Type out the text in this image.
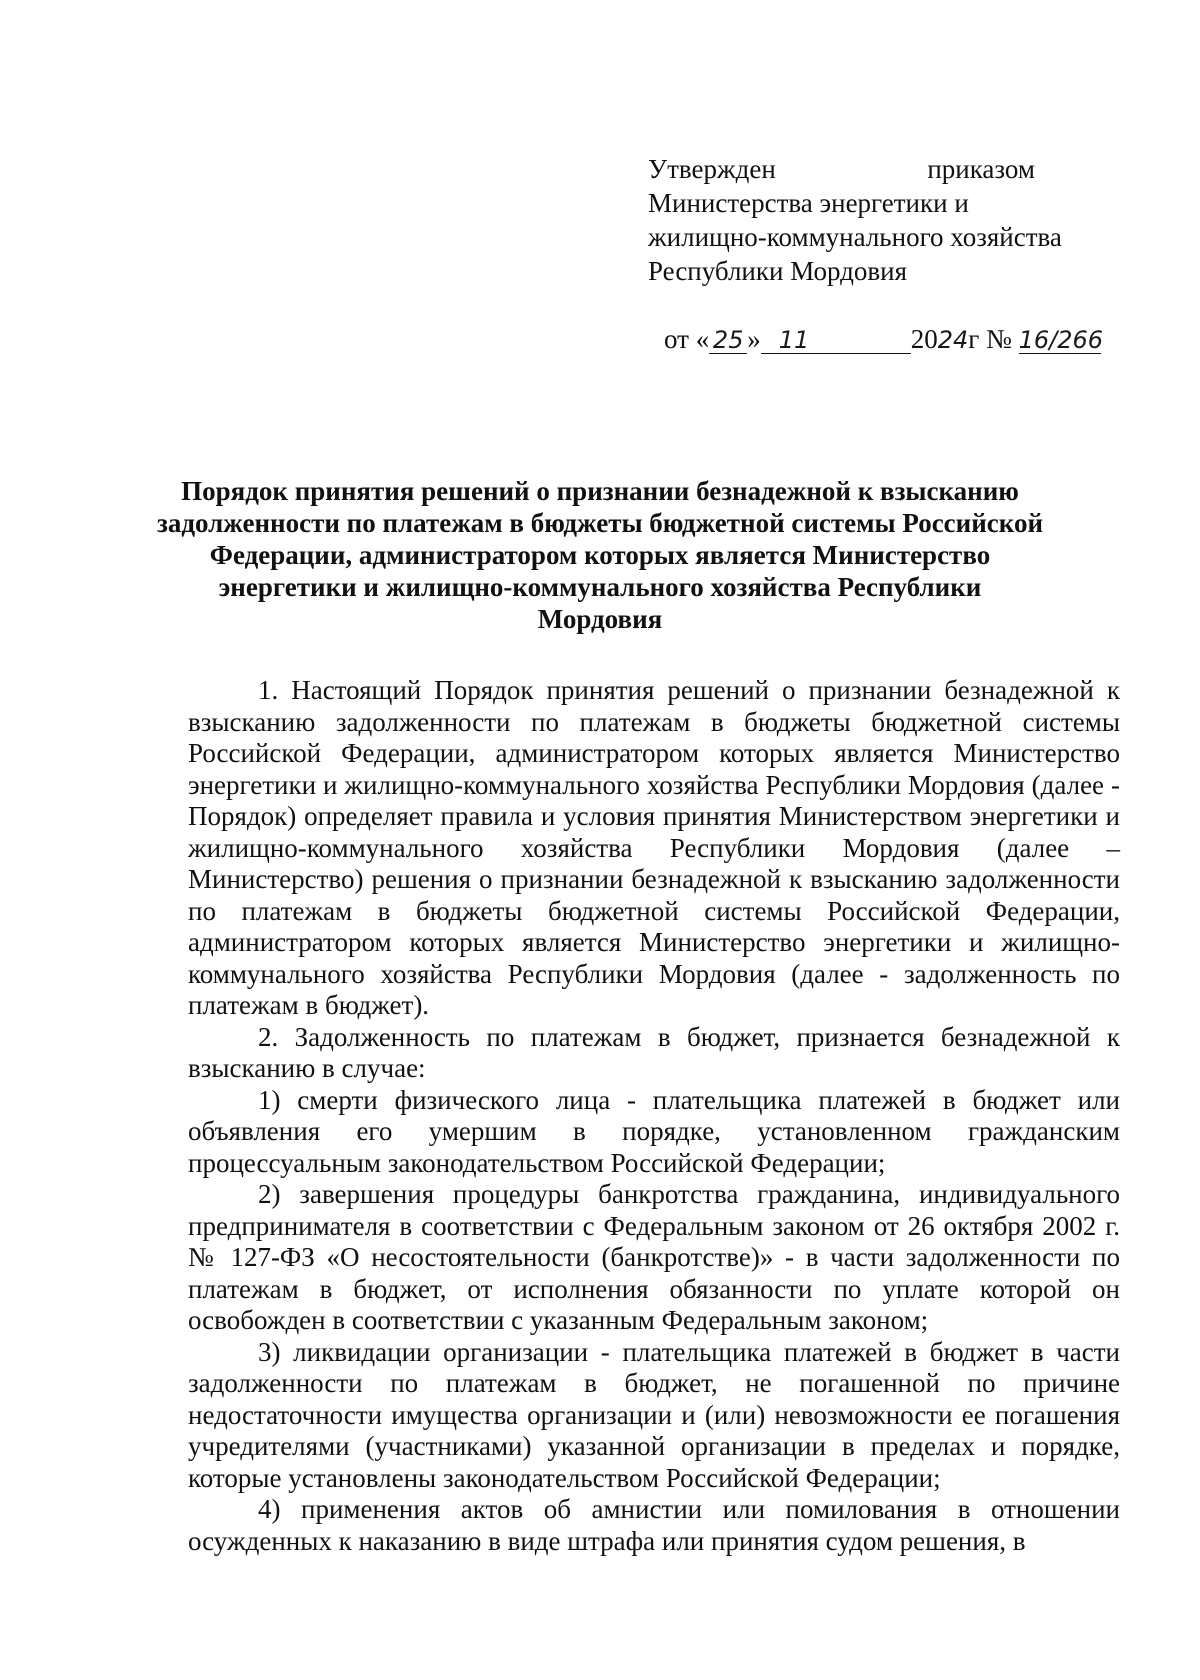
Утвержден	приказом
Министерства энергетики и
жилищно-коммунального хозяйства
Республики Мордовия
от « 25 » 11	2024г № 16/266
Порядок принятия решений о признании безнадежной к взысканию
задолженности по платежам в бюджеты бюджетной системы Российской
Федерации, администратором которых является Министерство
энергетики и жилищно-коммунального хозяйства Республики
Мордовия

1. Настоящий Порядок принятия решений о признании безнадежной к взысканию задолженности по платежам в бюджеты бюджетной системы Российской Федерации, администратором которых является Министерство энергетики и жилищно-коммунального хозяйства Республики Мордовия (далее - Порядок) определяет правила и условия принятия Министерством энергетики и жилищно-коммунального хозяйства Республики Мордовия (далее – Министерство) решения о признании безнадежной к взысканию задолженности по платежам в бюджеты бюджетной системы Российской Федерации, администратором которых является Министерство энергетики и жилищно-коммунального хозяйства Республики Мордовия (далее - задолженность по платежам в бюджет).

2. Задолженность по платежам в бюджет, признается безнадежной к взысканию в случае:

1) смерти физического лица - плательщика платежей в бюджет или объявления его умершим в порядке, установленном гражданским процессуальным законодательством Российской Федерации;

2) завершения процедуры банкротства гражданина, индивидуального предпринимателя в соответствии с Федеральным законом от 26 октября 2002 г. № 127-ФЗ «О несостоятельности (банкротстве)» - в части задолженности по платежам в бюджет, от исполнения обязанности по уплате которой он освобожден в соответствии с указанным Федеральным законом;

3) ликвидации организации - плательщика платежей в бюджет в части задолженности по платежам в бюджет, не погашенной по причине недостаточности имущества организации и (или) невозможности ее погашения учредителями (участниками) указанной организации в пределах и порядке, которые установлены законодательством Российской Федерации;

4) применения актов об амнистии или помилования в отношении осужденных к наказанию в виде штрафа или принятия судом решения, в
